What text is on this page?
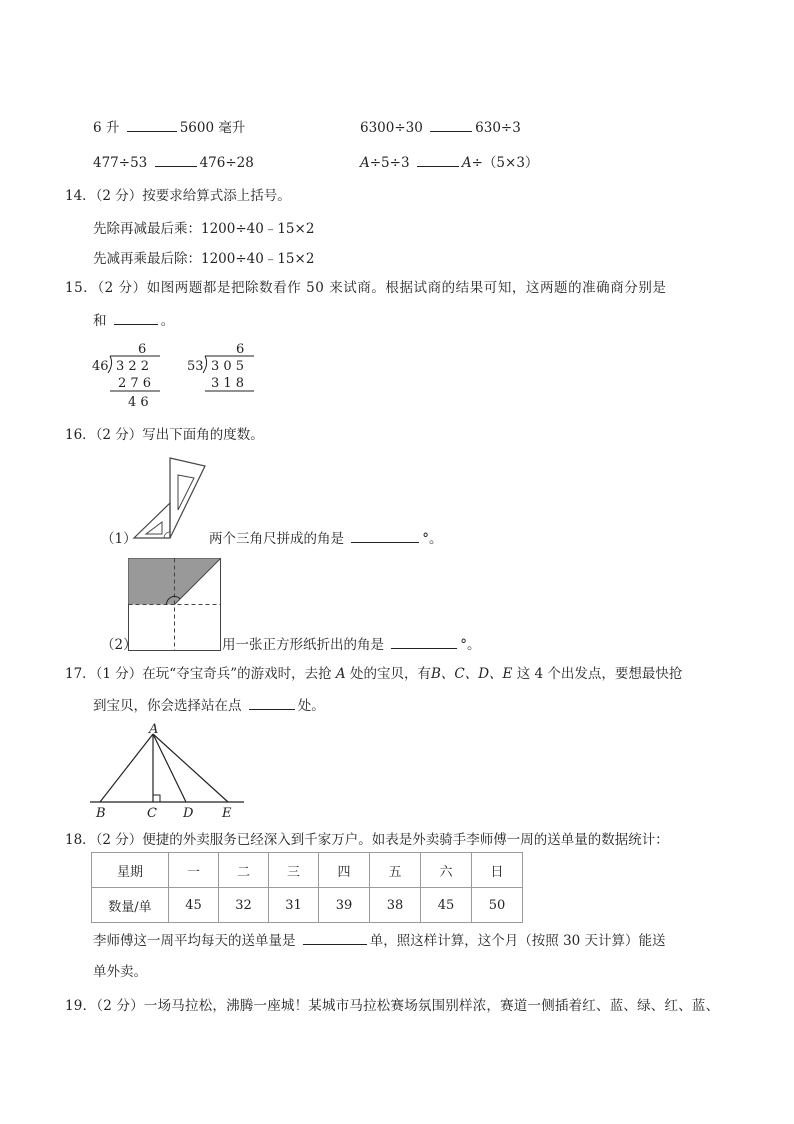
6 升	5600 毫升	6300÷30	630÷3
477÷53	476÷28	A÷5÷3	A÷（5×3）
14．（2 分）按要求给算式添上括号。
先除再减最后乘：1200÷40﹣15×2
先减再乘最后除：1200÷40﹣15×2
15．（2 分）如图两题都是把除数看作 50 来试商。根据试商的结果可知，这两题的准确商分别是
和	。
6
46 3 2 2
2 7 6
4 6
6
53 3 0 5
3 1 8
16．（2 分）写出下面角的度数。
（1）	两个三角尺拼成的角是	°。
（2）	用一张正方形纸折出的角是	°。
17．（1 分）在玩“夺宝奇兵”的游戏时，去抢 A 处的宝贝，有B、C、D、E 这 4 个出发点，要想最快抢
到宝贝，你会选择站在点	处。
A
B	C D E
18．（2 分）便捷的外卖服务已经深入到千家万户。如表是外卖骑手李师傅一周的送单量的数据统计：
星期	一	二	三	四	五	六	日
数量/单	45	32	31	39	38	45	50
李师傅这一周平均每天的送单量是	单，照这样计算，这个月（按照 30 天计算）能送
单外卖。
19．（2 分）一场马拉松，沸腾一座城！某城市马拉松赛场氛围别样浓，赛道一侧插着红、蓝、绿、红、蓝、
